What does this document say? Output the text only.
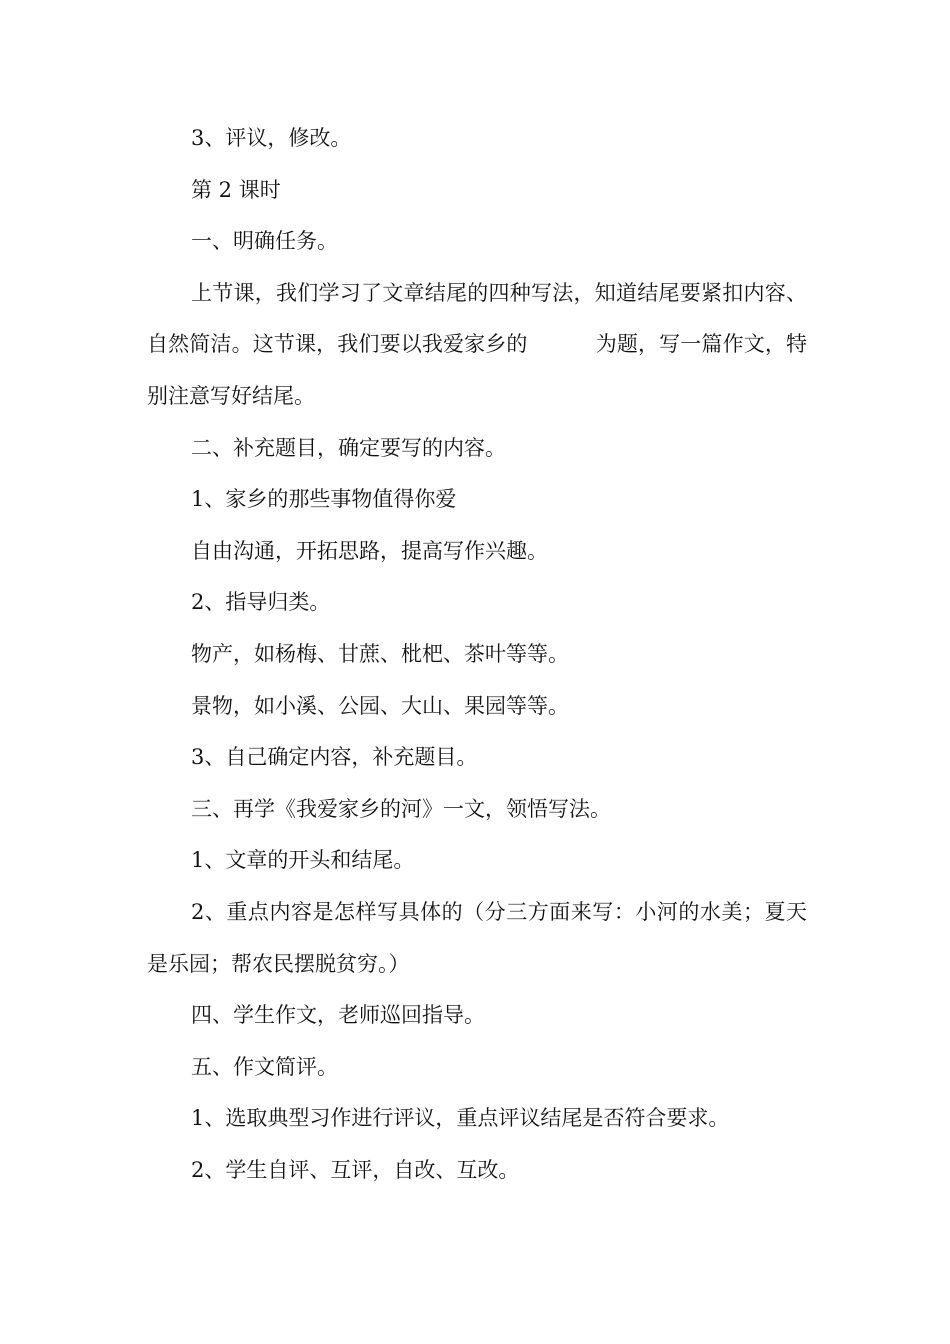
3、评议，修改。

第 2 课时

一、明确任务。

上节课，我们学习了文章结尾的四种写法，知道结尾要紧扣内容、自然简洁。这节课，我们要以我爱家乡的	为题，写一篇作文，特别注意写好结尾。

二、补充题目，确定要写的内容。

1、家乡的那些事物值得你爱

自由沟通，开拓思路，提高写作兴趣。

2、指导归类。

物产，如杨梅、甘蔗、枇杷、茶叶等等。

景物，如小溪、公园、大山、果园等等。

3、自己确定内容，补充题目。

三、再学《我爱家乡的河》一文，领悟写法。

1、文章的开头和结尾。

2、重点内容是怎样写具体的（分三方面来写：小河的水美；夏天是乐园；帮农民摆脱贫穷。）

四、学生作文，老师巡回指导。

五、作文简评。

1、选取典型习作进行评议，重点评议结尾是否符合要求。

2、学生自评、互评，自改、互改。
